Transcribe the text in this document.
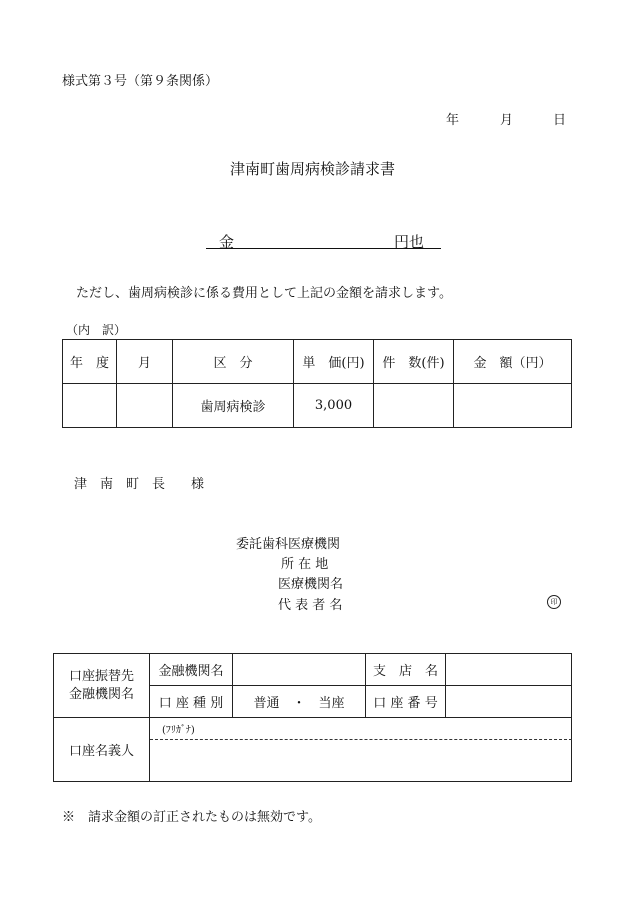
様式第３号（第９条関係）
年	月	日
津南町歯周病検診請求書
金	円也
ただし、歯周病検診に係る費用として上記の金額を請求します。
（内　訳）
年　度	月	区　分	単　価(円)	件　数(件)	金　額（円）
		歯周病検診	3,000		
津　南　町　長　　様
委託歯科医療機関
所 在 地
医療機関名
代 表 者 名	印
口座振替先
金融機関名	金融機関名		支　店　名	
	口 座 種 別	普通　・　当座	口 座 番 号	
口座名義人	(ﾌﾘｶﾞﾅ)			
※　請求金額の訂正されたものは無効です。
